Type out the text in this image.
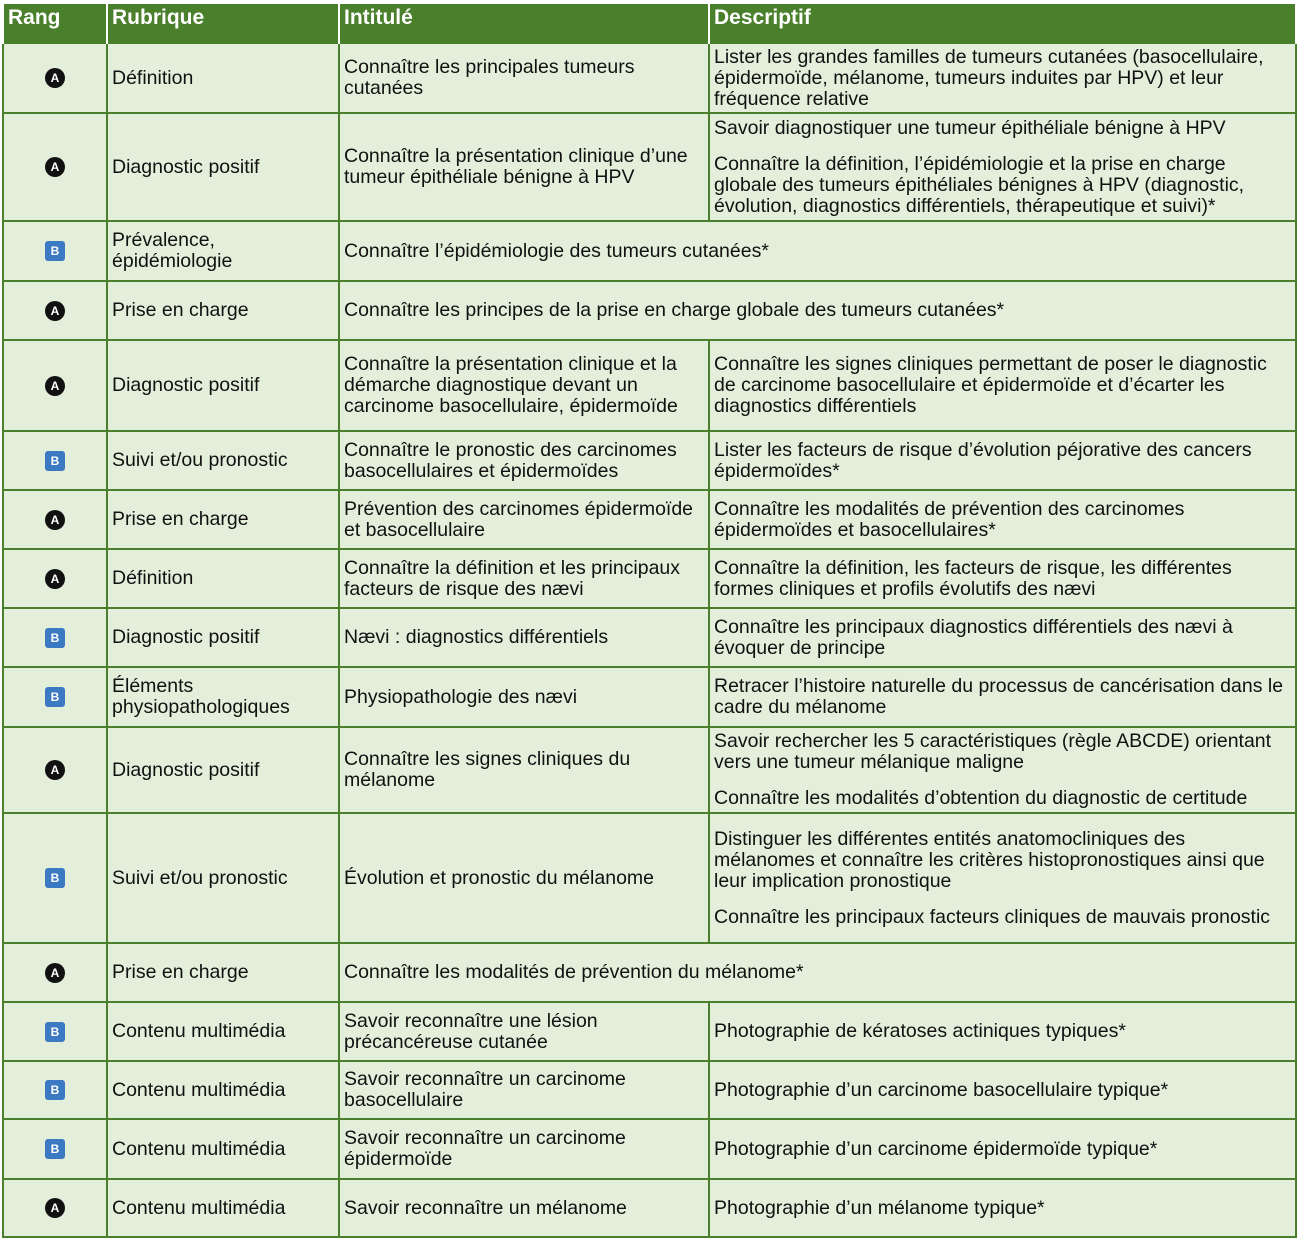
Rang	Rubrique	Intitulé	Descriptif
A	Définition	Connaître les principales tumeurs cutanées	Lister les grandes familles de tumeurs cutanées (basocellulaire, épidermoïde, mélanome, tumeurs induites par HPV) et leur fréquence relative

A	Diagnostic positif	Connaître la présentation clinique d’une tumeur épithéliale bénigne à HPV	Savoir diagnostiquer une tumeur épithéliale bénigne à HPV
Connaître la définition, l’épidémiologie et la prise en charge globale des tumeurs épithéliales bénignes à HPV (diagnostic, évolution, diagnostics différentiels, thérapeutique et suivi)*

B	Prévalence, épidémiologie	Connaître l’épidémiologie des tumeurs cutanées*	
A	Prise en charge	Connaître les principes de la prise en charge globale des tumeurs cutanées*	
A	Diagnostic positif	Connaître la présentation clinique et la démarche diagnostique devant un carcinome basocellulaire, épidermoïde	Connaître les signes cliniques permettant de poser le diagnostic de carcinome basocellulaire et épidermoïde et d’écarter les diagnostics différentiels

B	Suivi et/ou pronostic	Connaître le pronostic des carcinomes basocellulaires et épidermoïdes	Lister les facteurs de risque d’évolution péjorative des cancers épidermoïdes*

A	Prise en charge	Prévention des carcinomes épidermoïde et basocellulaire	Connaître les modalités de prévention des carcinomes épidermoïdes et basocellulaires*

A	Définition	Connaître la définition et les principaux facteurs de risque des nævi	Connaître la définition, les facteurs de risque, les différentes formes cliniques et profils évolutifs des nævi

B	Diagnostic positif	Nævi : diagnostics différentiels	Connaître les principaux diagnostics différentiels des nævi à évoquer de principe

B	Éléments physiopathologiques	Physiopathologie des nævi	Retracer l’histoire naturelle du processus de cancérisation dans le cadre du mélanome

A	Diagnostic positif	Connaître les signes cliniques du mélanome	Savoir rechercher les 5 caractéristiques (règle ABCDE) orientant vers une tumeur mélanique maligne
Connaître les modalités d’obtention du diagnostic de certitude

B	Suivi et/ou pronostic	Évolution et pronostic du mélanome	Distinguer les différentes entités anatomocliniques des mélanomes et connaître les critères histopronostiques ainsi que leur implication pronostique
Connaître les principaux facteurs cliniques de mauvais pronostic

A	Prise en charge	Connaître les modalités de prévention du mélanome*	
B	Contenu multimédia	Savoir reconnaître une lésion précancéreuse cutanée	Photographie de kératoses actiniques typiques*

B	Contenu multimédia	Savoir reconnaître un carcinome basocellulaire	Photographie d’un carcinome basocellulaire typique*

B	Contenu multimédia	Savoir reconnaître un carcinome épidermoïde	Photographie d’un carcinome épidermoïde typique*

A	Contenu multimédia	Savoir reconnaître un mélanome	Photographie d’un mélanome typique*
